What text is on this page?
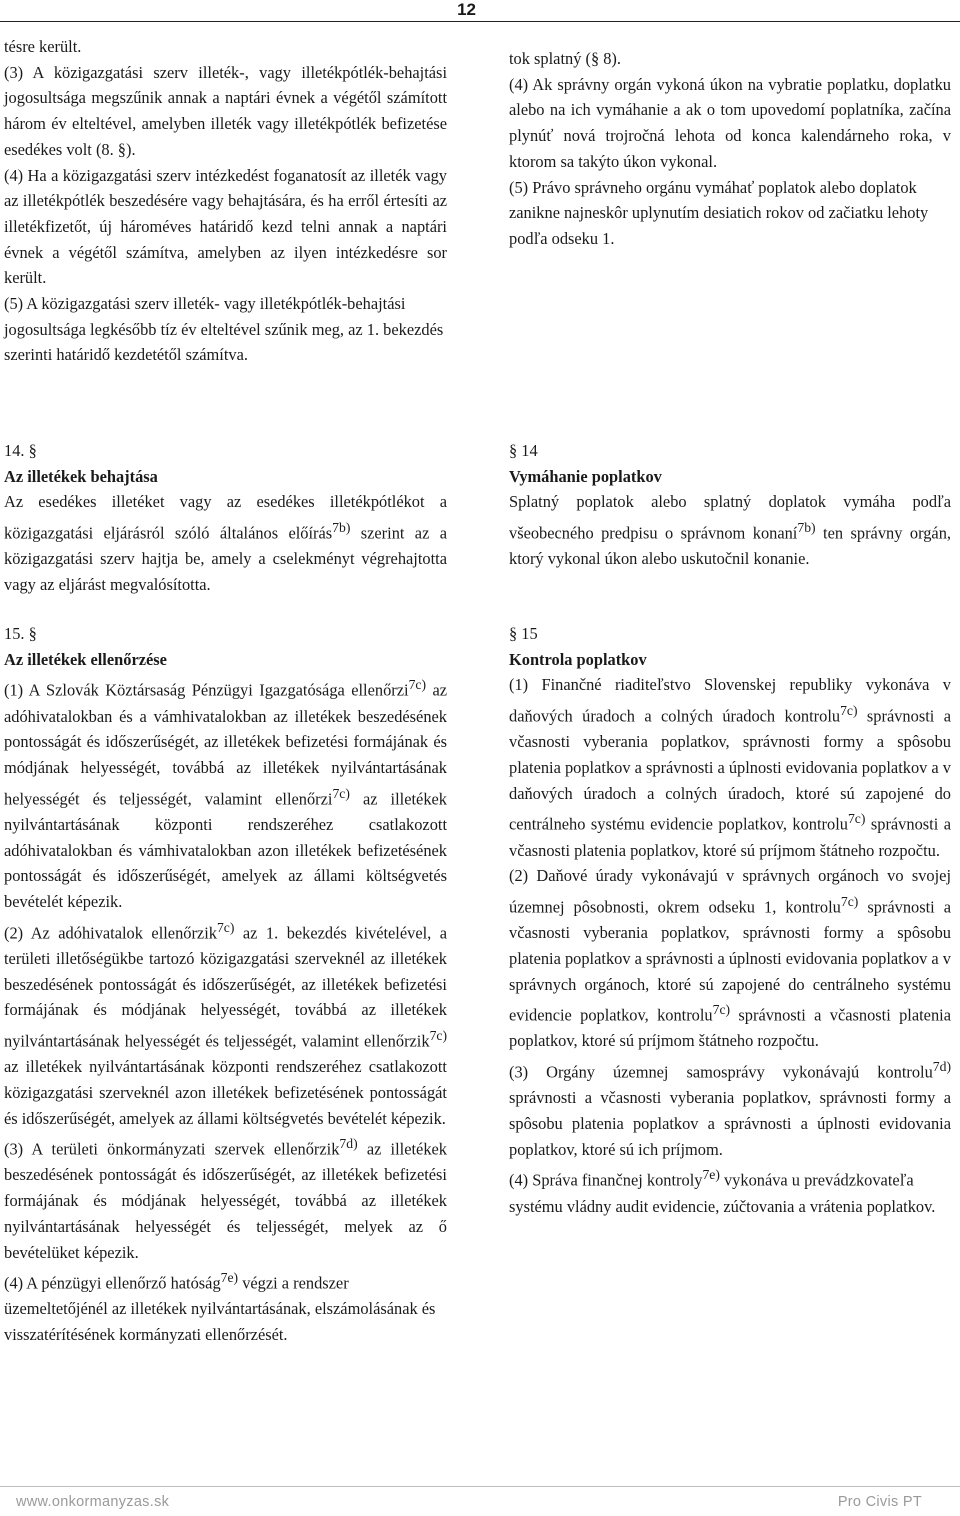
12

tésre került.

(3) A közigazgatási szerv illeték-, vagy illetékpótlék-behajtási jogosultsága megszűnik annak a naptári évnek a végétől számított három év elteltével, amelyben illeték vagy illetékpótlék befizetése esedékes volt (8. §).

(4) Ha a közigazgatási szerv intézkedést foganatosít az illeték vagy az illetékpótlék beszedésére vagy behajtására, és ha erről értesíti az illetékfizetőt, új hároméves határidő kezd telni annak a naptári évnek a végétől számítva, amelyben az ilyen intézkedésre sor került.

(5) A közigazgatási szerv illeték- vagy illetékpótlék-behajtási jogosultsága legkésőbb tíz év elteltével szűnik meg, az 1. bekezdés szerinti határidő kezdetétől számítva.

tok splatný (§ 8).

(4) Ak správny orgán vykoná úkon na vybratie poplatku, doplatku alebo na ich vymáhanie a ak o tom upovedomí poplatníka, začína plynúť nová trojročná lehota od konca kalendárneho roka, v ktorom sa takýto úkon vykonal.

(5) Právo správneho orgánu vymáhať poplatok alebo doplatok zanikne najneskôr uplynutím desiatich rokov od začiatku lehoty podľa odseku 1.

14. §

Az illetékek behajtása

Az esedékes illetéket vagy az esedékes illetékpótlékot a közigazgatási eljárásról szóló általános előírás$^{7b)}$ szerint az a közigazgatási szerv hajtja be, amely a cselekményt végrehajtotta vagy az eljárást megvalósította.

§ 14

Vymáhanie poplatkov

Splatný poplatok alebo splatný doplatok vymáha podľa všeobecného predpisu o správnom konaní$^{7b)}$ ten správny orgán, ktorý vykonal úkon alebo uskutočnil konanie.

15. §

Az illetékek ellenőrzése

(1) A Szlovák Köztársaság Pénzügyi Igazgatósága ellenőrzi$^{7c)}$ az adóhivatalokban és a vámhivatalokban az illetékek beszedésének pontosságát és időszerűségét, az illetékek befizetési formájának és módjának helyességét, továbbá az illetékek nyilvántartásának helyességét és teljességét, valamint ellenőrzi$^{7c)}$ az illetékek nyilvántartásának központi rendszeréhez csatlakozott adóhivatalokban és vámhivatalokban azon illetékek befizetésének pontosságát és időszerűségét, amelyek az állami költségvetés bevételét képezik.

(2) Az adóhivatalok ellenőrzik$^{7c)}$ az 1. bekezdés kivételével, a területi illetőségükbe tartozó közigazgatási szerveknél az illetékek beszedésének pontosságát és időszerűségét, az illetékek befizetési formájának és módjának helyességét, továbbá az illetékek nyilvántartásának helyességét és teljességét, valamint ellenőrzik$^{7c)}$ az illetékek nyilvántartásának központi rendszeréhez csatlakozott közigazgatási szerveknél azon illetékek befizetésének pontosságát és időszerűségét, amelyek az állami költségvetés bevételét képezik.

(3) A területi önkormányzati szervek ellenőrzik$^{7d)}$ az illetékek beszedésének pontosságát és időszerűségét, az illetékek befizetési formájának és módjának helyességét, továbbá az illetékek nyilvántartásának helyességét és teljességét, melyek az ő bevételüket képezik.

(4) A pénzügyi ellenőrző hatóság$^{7e)}$ végzi a rendszer üzemeltetőjénél az illetékek nyilvántartásának, elszámolásának és visszatérítésének kormányzati ellenőrzését.

§ 15

Kontrola poplatkov

(1) Finančné riaditeľstvo Slovenskej republiky vykonáva v daňových úradoch a colných úradoch kontrolu$^{7c)}$ správnosti a včasnosti vyberania poplatkov, správnosti formy a spôsobu platenia poplatkov a správnosti a úplnosti evidovania poplatkov a v daňových úradoch a colných úradoch, ktoré sú zapojené do centrálneho systému evidencie poplatkov, kontrolu$^{7c)}$ správnosti a včasnosti platenia poplatkov, ktoré sú príjmom štátneho rozpočtu.

(2) Daňové úrady vykonávajú v správnych orgánoch vo svojej územnej pôsobnosti, okrem odseku 1, kontrolu$^{7c)}$ správnosti a včasnosti vyberania poplatkov, správnosti formy a spôsobu platenia poplatkov a správnosti a úplnosti evidovania poplatkov a v správnych orgánoch, ktoré sú zapojené do centrálneho systému evidencie poplatkov, kontrolu$^{7c)}$ správnosti a včasnosti platenia poplatkov, ktoré sú príjmom štátneho rozpočtu.

(3) Orgány územnej samosprávy vykonávajú kontrolu$^{7d)}$ správnosti a včasnosti vyberania poplatkov, správnosti formy a spôsobu platenia poplatkov a správnosti a úplnosti evidovania poplatkov, ktoré sú ich príjmom.

(4) Správa finančnej kontroly$^{7e)}$ vykonáva u prevádzkovateľa systému vládny audit evidencie, zúčtovania a vrátenia poplatkov.

www.onkormanyzas.sk	Pro Civis PT
